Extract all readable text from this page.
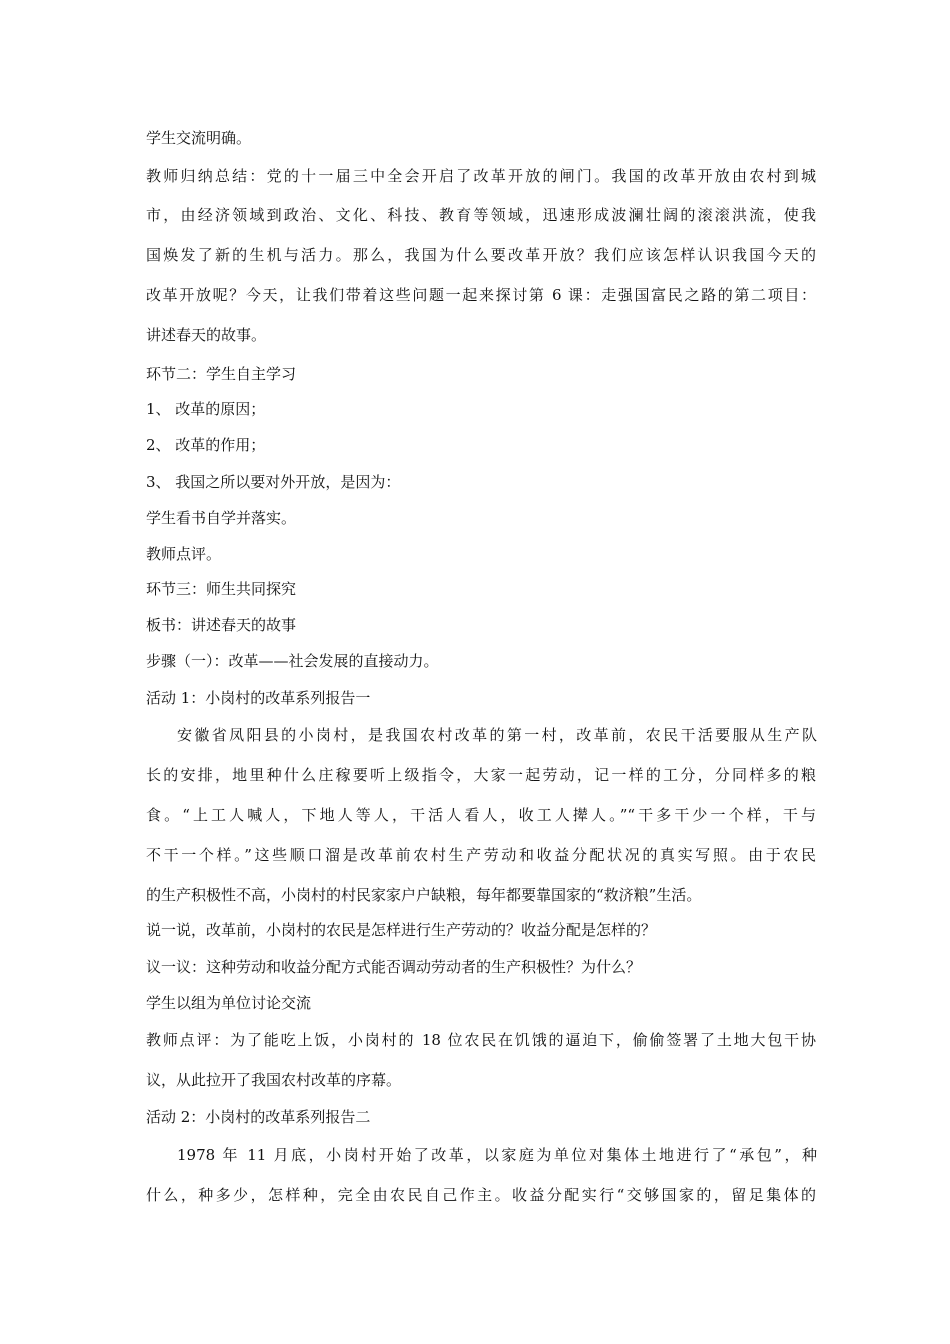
学生交流明确。
教师归纳总结：党的十一届三中全会开启了改革开放的闸门。我国的改革开放由农村到城
市，由经济领域到政治、文化、科技、教育等领域，迅速形成波澜壮阔的滚滚洪流，使我
国焕发了新的生机与活力。那么，我国为什么要改革开放？我们应该怎样认识我国今天的
改革开放呢？今天，让我们带着这些问题一起来探讨第 6 课：走强国富民之路的第二项目：
讲述春天的故事。
环节二：学生自主学习
1、 改革的原因；
2、 改革的作用；
3、 我国之所以要对外开放，是因为：
学生看书自学并落实。
教师点评。
环节三：师生共同探究
板书：讲述春天的故事
步骤（一）：改革——社会发展的直接动力。
活动 1：小岗村的改革系列报告一
安徽省凤阳县的小岗村，是我国农村改革的第一村，改革前，农民干活要服从生产队
长的安排，地里种什么庄稼要听上级指令，大家一起劳动，记一样的工分，分同样多的粮
食。“上工人喊人，下地人等人，干活人看人，收工人撵人。”“干多干少一个样，干与
不干一个样。”这些顺口溜是改革前农村生产劳动和收益分配状况的真实写照。由于农民
的生产积极性不高，小岗村的村民家家户户缺粮，每年都要靠国家的“救济粮”生活。
说一说，改革前，小岗村的农民是怎样进行生产劳动的？收益分配是怎样的？
议一议：这种劳动和收益分配方式能否调动劳动者的生产积极性？为什么？
学生以组为单位讨论交流
教师点评：为了能吃上饭，小岗村的 18 位农民在饥饿的逼迫下，偷偷签署了土地大包干协
议，从此拉开了我国农村改革的序幕。
活动 2：小岗村的改革系列报告二
1978 年 11 月底，小岗村开始了改革，以家庭为单位对集体土地进行了“承包”，种
什么，种多少，怎样种，完全由农民自己作主。收益分配实行“交够国家的，留足集体的
